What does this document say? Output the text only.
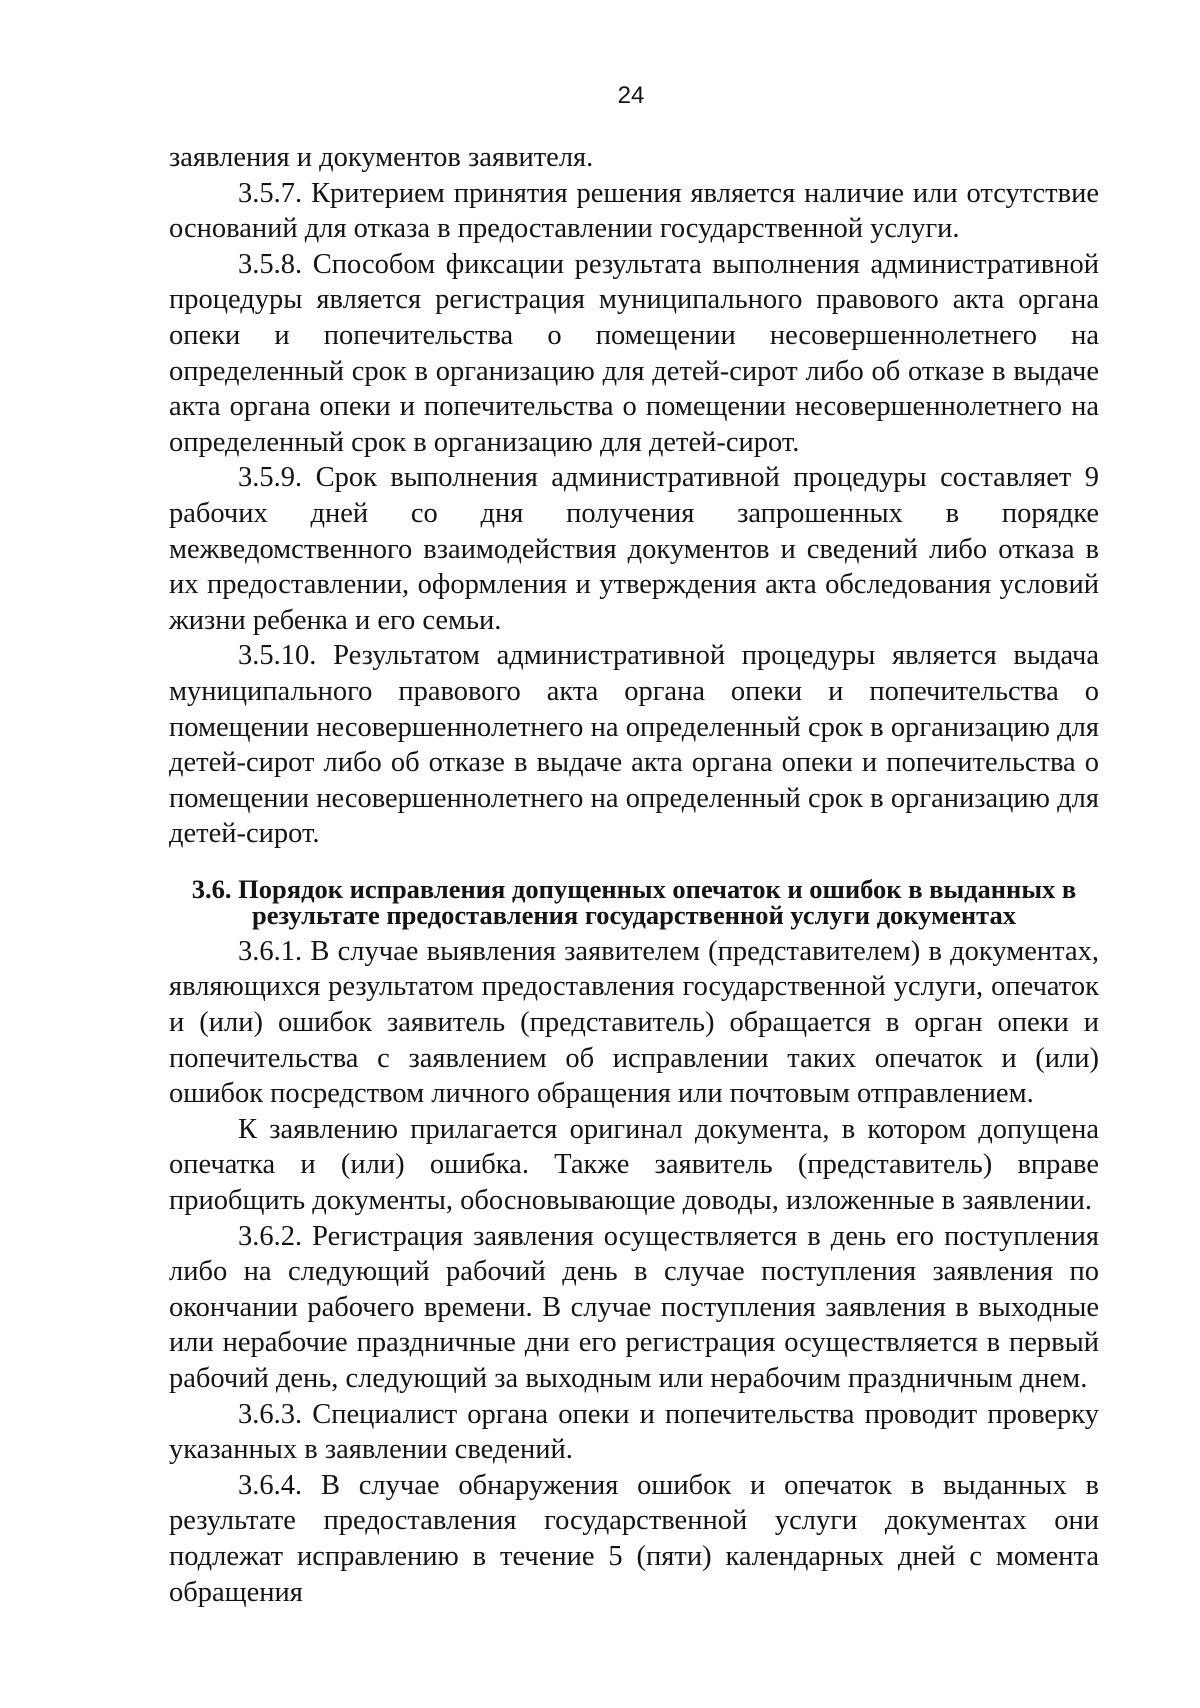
24

заявления и документов заявителя.

3.5.7. Критерием принятия решения является наличие или отсутствие оснований для отказа в предоставлении государственной услуги.

3.5.8. Способом фиксации результата выполнения административной процедуры является регистрация муниципального правового акта органа опеки и попечительства о помещении несовершеннолетнего на определенный срок в организацию для детей-сирот либо об отказе в выдаче акта органа опеки и попечительства о помещении несовершеннолетнего на определенный срок в организацию для детей-сирот.

3.5.9. Срок выполнения административной процедуры составляет 9 рабочих дней со дня получения запрошенных в порядке межведомственного взаимодействия документов и сведений либо отказа в их предоставлении, оформления и утверждения акта обследования условий жизни ребенка и его семьи.

3.5.10. Результатом административной процедуры является выдача муниципального правового акта органа опеки и попечительства о помещении несовершеннолетнего на определенный срок в организацию для детей-сирот либо об отказе в выдаче акта органа опеки и попечительства о помещении несовершеннолетнего на определенный срок в организацию для детей-сирот.

3.6. Порядок исправления допущенных опечаток и ошибок в выданных в результате предоставления государственной услуги документах

3.6.1. В случае выявления заявителем (представителем) в документах, являющихся результатом предоставления государственной услуги, опечаток и (или) ошибок заявитель (представитель) обращается в орган опеки и попечительства с заявлением об исправлении таких опечаток и (или) ошибок посредством личного обращения или почтовым отправлением.

К заявлению прилагается оригинал документа, в котором допущена опечатка и (или) ошибка. Также заявитель (представитель) вправе приобщить документы, обосновывающие доводы, изложенные в заявлении.

3.6.2. Регистрация заявления осуществляется в день его поступления либо на следующий рабочий день в случае поступления заявления по окончании рабочего времени. В случае поступления заявления в выходные или нерабочие праздничные дни его регистрация осуществляется в первый рабочий день, следующий за выходным или нерабочим праздничным днем.

3.6.3. Специалист органа опеки и попечительства проводит проверку указанных в заявлении сведений.

3.6.4. В случае обнаружения ошибок и опечаток в выданных в результате предоставления государственной услуги документах они подлежат исправлению в течение 5 (пяти) календарных дней с момента обращения
